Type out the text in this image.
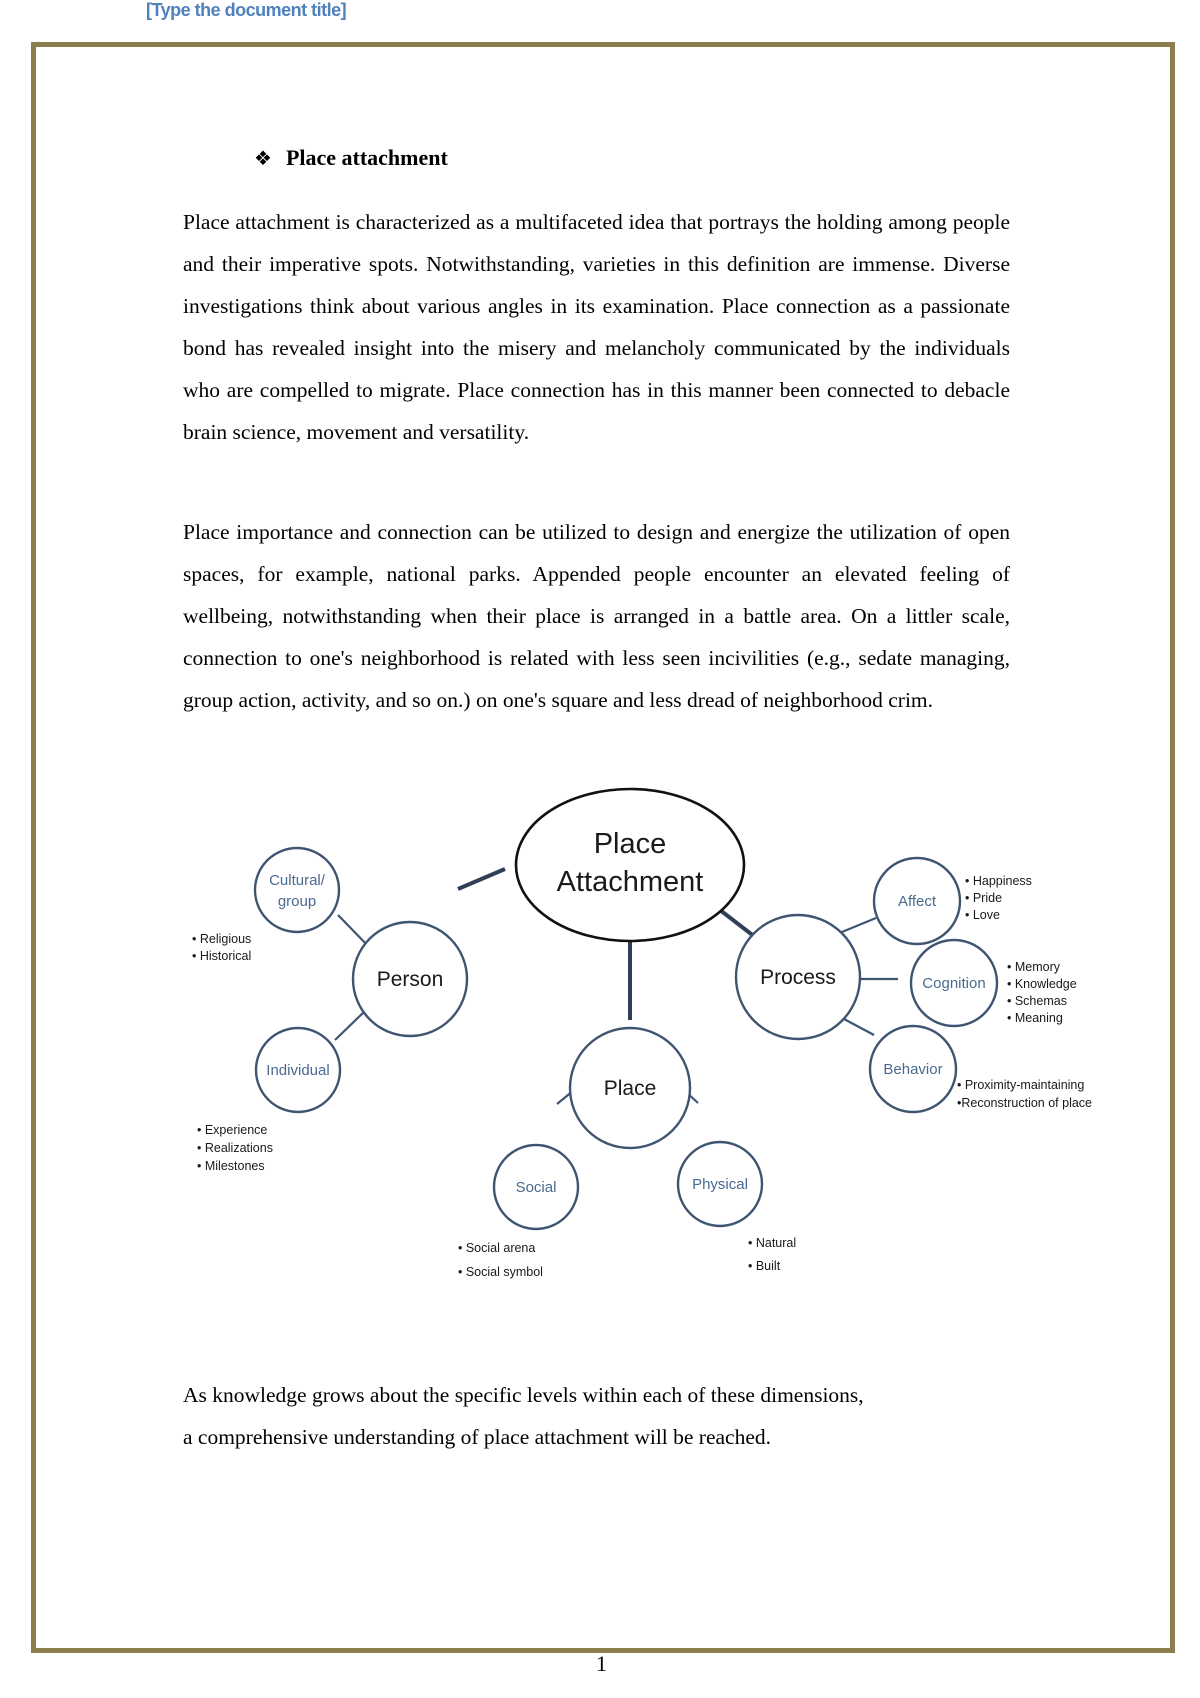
[Type the document title]
❖ Place attachment

Place attachment is characterized as a multifaceted idea that portrays the holding among people and their imperative spots. Notwithstanding, varieties in this definition are immense. Diverse investigations think about various angles in its examination. Place connection as a passionate bond has revealed insight into the misery and melancholy communicated by the individuals who are compelled to migrate. Place connection has in this manner been connected to debacle brain science, movement and versatility.

Place importance and connection can be utilized to design and energize the utilization of open spaces, for example, national parks. Appended people encounter an elevated feeling of wellbeing, notwithstanding when their place is arranged in a battle area. On a littler scale, connection to one's neighborhood is related with less seen incivilities (e.g., sedate managing, group action, activity, and so on.) on one's square and less dread of neighborhood crim.

Place
Attachment
Person
Cultural/
group
Individual
Place
Social	Physical
Process
Affect
Cognition
Behavior
• Religious
• Historical
• Experience
• Realizations
• Milestones
• Social arena
• Social symbol
• Natural
• Built
• Happiness
• Pride
• Love
• Memory
• Knowledge
• Schemas
• Meaning
• Proximity-maintaining
•Reconstruction of place

As knowledge grows about the specific levels within each of these dimensions,
a comprehensive understanding of place attachment will be reached.

1
